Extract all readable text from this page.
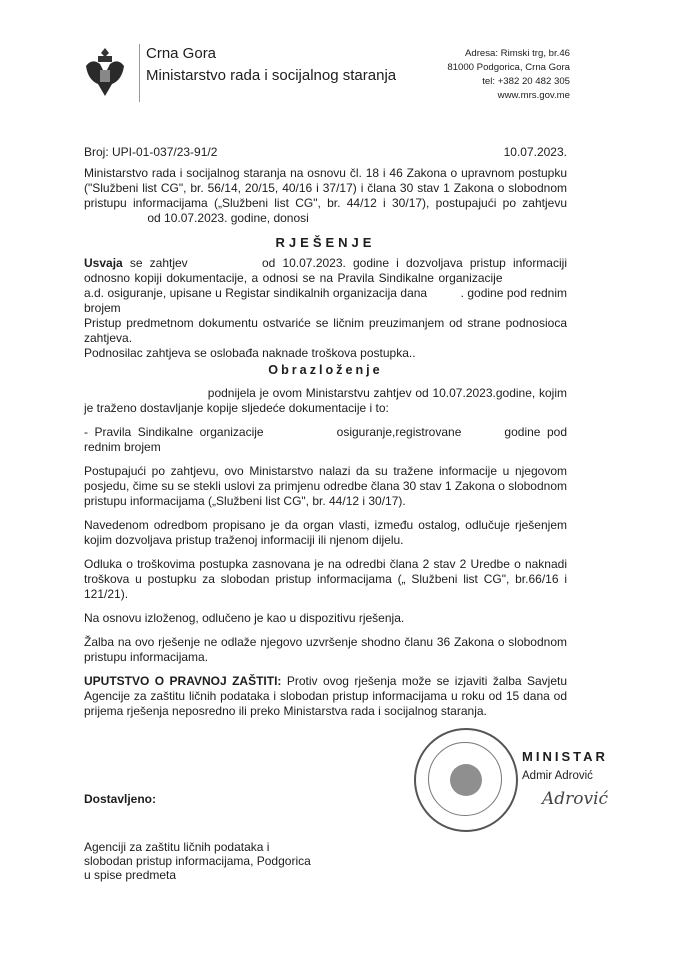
Crna Gora
Ministarstvo rada i socijalnog staranja
Adresa: Rimski trg, br.46
81000 Podgorica, Crna Gora
tel: +382 20 482 305
www.mrs.gov.me
Broj: UPI-01-037/23-91/2	10.07.2023.

Ministarstvo rada i socijalnog staranja na osnovu čl. 18 i 46 Zakona o upravnom postupku ("Službeni list CG", br. 56/14, 20/15, 40/16 i 37/17) i člana 30 stav 1 Zakona o slobodnom pristupu informacijama („Službeni list CG", br. 44/12 i 30/17), postupajući po zahtjevu  od 10.07.2023. godine, donosi

RJEŠENJE

Usvaja se zahtjev	od 10.07.2023. godine i dozvoljava pristup informaciji odnosno kopiji dokumentacije, a odnosi se na Pravila Sindikalne organizacije  a.d. osiguranje, upisane u Registar sindikalnih organizacija dana	. godine pod rednim brojem

Pristup predmetnom dokumentu ostvariće se ličnim preuzimanjem od strane podnosioca zahtjeva.

Podnosilac zahtjeva se oslobađa naknade troškova postupka..

Obrazloženje

podnijela je ovom Ministarstvu zahtjev od 10.07.2023.godine, kojim je traženo dostavljanje kopije sljedeće dokumentacije i to:

- Pravila Sindikalne organizacije	osiguranje,registrovane	godine pod rednim brojem

Postupajući po zahtjevu, ovo Ministarstvo nalazi da su tražene informacije u njegovom posjedu, čime su se stekli uslovi za primjenu odredbe člana 30 stav 1 Zakona o slobodnom pristupu informacijama („Službeni list CG", br. 44/12 i 30/17).

Navedenom odredbom propisano je da organ vlasti, između ostalog, odlučuje rješenjem kojim dozvoljava pristup traženoj informaciji ili njenom dijelu.

Odluka o troškovima postupka zasnovana je na odredbi člana 2 stav 2 Uredbe o naknadi troškova u postupku za slobodan pristup informacijama („ Službeni list CG", br.66/16 i 121/21).

Na osnovu izloženog, odlučeno je kao u dispozitivu rješenja.

Žalba na ovo rješenje ne odlaže njegovo uzvršenje shodno članu 36 Zakona o slobodnom pristupu informacijama.

UPUTSTVO O PRAVNOJ ZAŠTITI: Protiv ovog rješenja može se izjaviti žalba Savjetu Agencije za zaštitu ličnih podataka i slobodan pristup informacijama u roku od 15 dana od prijema rješenja neposredno ili preko Ministarstva rada i socijalnog staranja.

MINISTAR
Admir Adrović
Adrović
Dostavljeno:
Agenciji za zaštitu ličnih podataka i
slobodan pristup informacijama, Podgorica
u spise predmeta
